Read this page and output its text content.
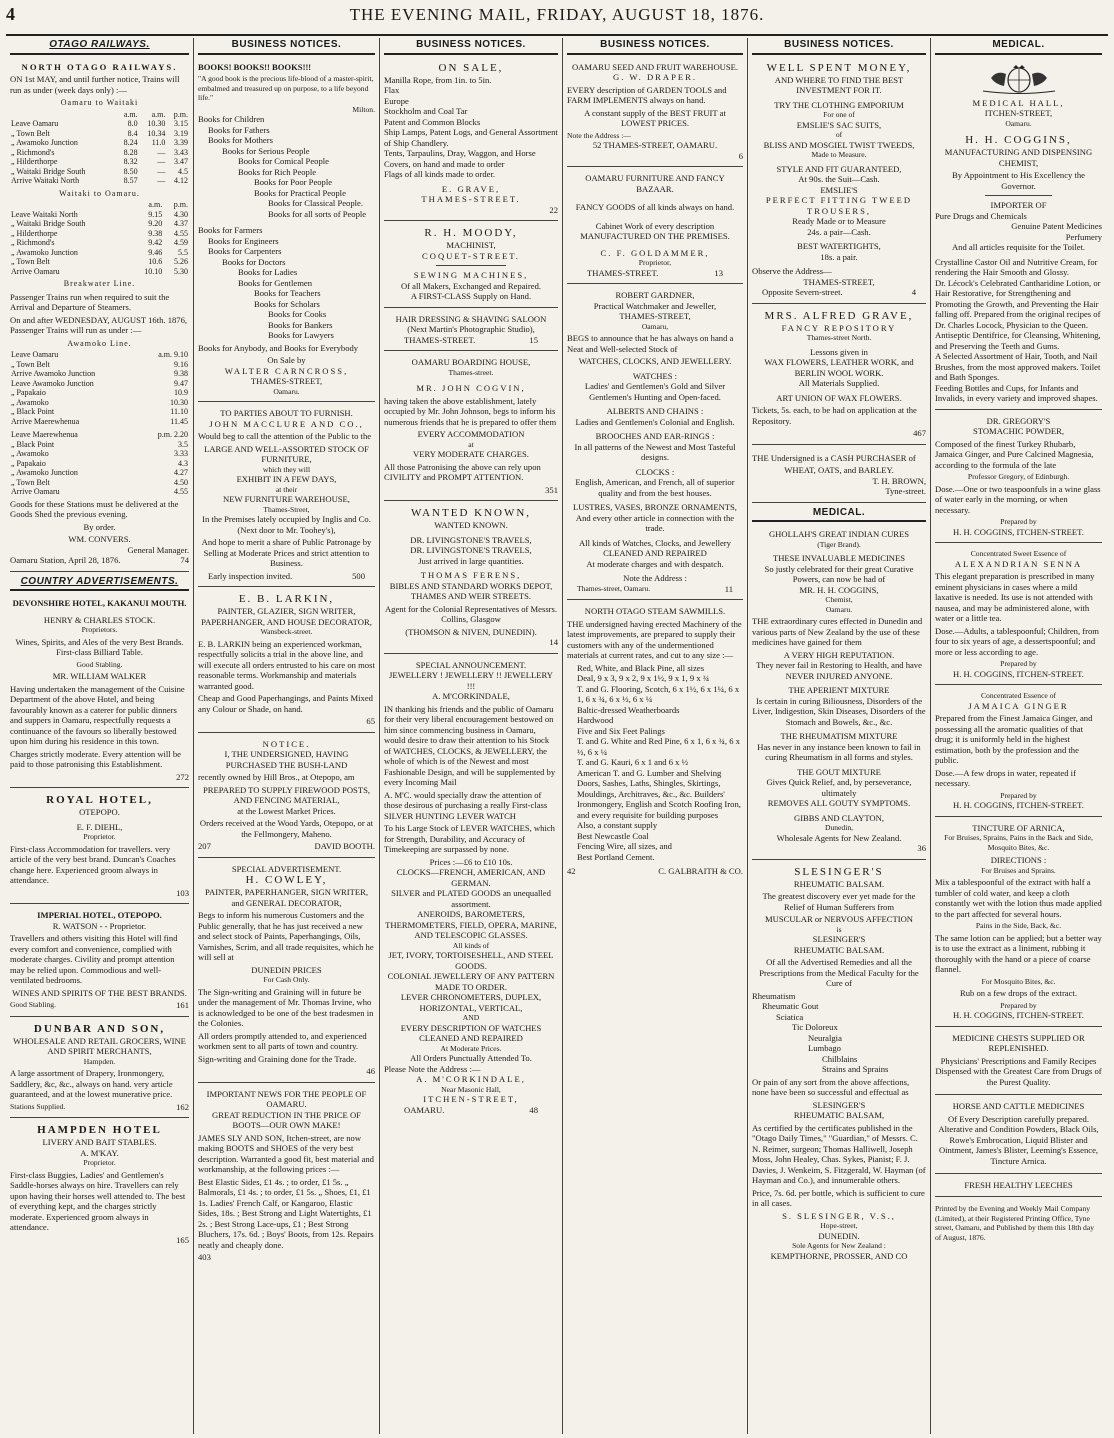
4	THE EVENING MAIL, FRIDAY, AUGUST 18, 1876.
OTAGO RAILWAYS.
NORTH OTAGO RAILWAYS.

ON 1st MAY, and until further notice, Trains will run as under (week days only) :—

Oamaru to Waitaki
	a.m.	a.m.	p.m.
Leave Oamaru	8.0	10.30	3.15
„ Town Belt	8.4	10.34	3.19
„ Awamoko Junction	8.24	11.0	3.39
„ Richmond's	8.28	—	3.43
„ Hilderthorpe	8.32	—	3.47
„ Waitaki Bridge South	8.50	—	4.5
Arrive Waitaki North	8.57	—	4.12
Waitaki to Oamaru.
	a.m.	p.m.
Leave Waitaki North	9.15	4.30
„ Waitaki Bridge South	9.20	4.37
„ Hilderthorpe	9.38	4.55
„ Richmond's	9.42	4.59
„ Awamoko Junction	9.46	5.5
„ Town Belt	10.6	5.26
Arrive Oamaru	10.10	5.30
Breakwater Line.

Passenger Trains run when required to suit the Arrival and Departure of Steamers.

On and after WEDNESDAY, AUGUST 16th. 1876, Passenger Trains will run as under :—

Awamoko Line.
Leave Oamaru	a.m. 9.10
„ Town Belt	9.16
Arrive Awamoko Junction	9.38
Leave Awamoko Junction	9.47
„ Papakaio	10.9
„ Awamoko	10.30
„ Black Point	11.10
Arrive Maerewhenua	11.45
Leave Maerewhenua	p.m. 2.20
„ Black Point	3.5
„ Awamoko	3.33
„ Papakaio	4.3
„ Awamoko Junction	4.27
„ Town Belt	4.50
Arrive Oamaru	4.55

Goods for these Stations must be delivered at the Goods Shed the previous evening.

By order.

WM. CONVERS.
General Manager.
Oamaru Station, April 28, 1876.	74
COUNTRY ADVERTISEMENTS.
DEVONSHIRE HOTEL, KAKANUI MOUTH.
HENRY & CHARLES STOCK.
Proprietors.

Wines, Spirits, and Ales of the very Best Brands. First-class Billiard Table.

Good Stabling.

MR. WILLIAM WALKER

Having undertaken the management of the Cuisine Department of the above Hotel, and being favourably known as a caterer for public dinners and suppers in Oamaru, respectfully requests a continuance of the favours so liberally bestowed upon him during his residence in this town.

Charges strictly moderate. Every attention will be paid to those patronising this Establishment.

272
ROYAL HOTEL,
OTEPOPO.
E. F. DIEHL,
Proprietor.

First-class Accommodation for travellers. very article of the very best brand. Duncan's Coaches change here. Experienced groom always in attendance.

103
IMPERIAL HOTEL, OTEPOPO.
R. WATSON - - Proprietor.

Travellers and others visiting this Hotel will find every comfort and convenience, complied with moderate charges. Civility and prompt attention may be relied upon. Commodious and well-ventilated bedrooms.

WINES AND SPIRITS OF THE BEST BRANDS.

Good Stabling.	161
DUNBAR AND SON,
WHOLESALE AND RETAIL GROCERS, WINE AND SPIRIT MERCHANTS,
Hampden.

A large assortment of Drapery, Ironmongery, Saddlery, &c, &c., always on hand. very article guaranteed, and at the lowest munerative price.

Stations Supplied.	162
HAMPDEN HOTEL
LIVERY AND BAIT STABLES.
A. M'KAY.
Proprietor.

First-class Buggies, Ladies' and Gentlemen's Saddle-horses always on hire. Travellers can rely upon having their horses well attended to. The best of everything kept, and the charges strictly moderate. Experienced groom always in attendance.

165
BUSINESS NOTICES.
BOOKS! BOOKS!! BOOKS!!!

"A good book is the precious life-blood of a master-spirit, embalmed and treasured up on purpose, to a life beyond life."

Milton.
Books for Children
Books for Fathers
Books for Mothers
Books for Serious People
Books for Comical People
Books for Rich People
Books for Poor People
Books for Practical People
Books for Classical People.
Books for all sorts of People
Books for Farmers
Books for Engineers
Books for Carpenters
Books for Doctors
Books for Ladies
Books for Gentlemen
Books for Teachers
Books for Scholars
Books for Cooks
Books for Bankers
Books for Lawyers

Books for Anybody, and Books for Everybody

On Sale by
WALTER CARNCROSS,
THAMES-STREET,
Oamaru.
TO PARTIES ABOUT TO FURNISH.
JOHN MACCLURE AND CO.,

Would beg to call the attention of the Public to the

LARGE AND WELL-ASSORTED STOCK OF FURNITURE,
which they will
EXHIBIT IN A FEW DAYS,
at their
NEW FURNITURE WAREHOUSE,
Thames-Street,
In the Premises lately occupied by Inglis and Co.
(Next door to Mr. Toohey's),

And hope to merit a share of Public Patronage by Selling at Moderate Prices and strict attention to Business.

Early inspection invited.	500
E. B. LARKIN,
PAINTER, GLAZIER, SIGN WRITER, PAPERHANGER, AND HOUSE DECORATOR,
Wansbeck-street.

E. B. LARKIN being an experienced workman, respectfully solicits a trial in the above line, and will execute all orders entrusted to his care on most reasonable terms. Workmanship and materials warranted good.

Cheap and Good Paperhangings, and Paints Mixed any Colour or Shade, on hand.

65
NOTICE.
I, THE UNDERSIGNED, HAVING PURCHASED THE BUSH-LAND

recently owned by Hill Bros., at Otepopo, am

PREPARED TO SUPPLY FIREWOOD POSTS, AND FENCING MATERIAL,
at the Lowest Market Prices.

Orders received at the Wood Yards, Otepopo, or at the Fellmongery, Maheno.

207	DAVID BOOTH.
SPECIAL ADVERTISEMENT.
H. COWLEY,
PAINTER, PAPERHANGER, SIGN WRITER, and GENERAL DECORATOR,

Begs to inform his numerous Customers and the Public generally, that he has just received a new and select stock of Paints, Paperhangings, Oils, Varnishes, Scrim, and all trade requisites, which he will sell at

DUNEDIN PRICES
For Cash Only.

The Sign-writing and Graining will in future be under the management of Mr. Thomas Irvine, who is acknowledged to be one of the best tradesmen in the Colonies.

All orders promptly attended to, and experienced workmen sent to all parts of town and country.

Sign-writing and Graining done for the Trade.

46
IMPORTANT NEWS FOR THE PEOPLE OF OAMARU.
GREAT REDUCTION IN THE PRICE OF BOOTS—OUR OWN MAKE!

JAMES SLY AND SON, Itchen-street, are now making BOOTS and SHOES of the very best description. Warranted a good fit, best material and workmanship, at the following prices :—

Best Elastic Sides, £1 4s. ; to order, £1 5s. „ Balmorals, £1 4s. ; to order, £1 5s. „ Shoes, £1, £1 1s. Ladies' French Calf, or Kangaroo, Elastic Sides, 18s. ; Best Strong and Light Watertights, £1 2s. ; Best Strong Lace-ups, £1 ; Best Strong Bluchers, 17s. 6d. ; Boys' Boots, from 12s. Repairs neatly and cheaply done.

403
BUSINESS NOTICES.
ON SALE,
Manilla Rope, from 1in. to 5in.
Flax
Europe
Stockholm and Coal Tar
Patent and Common Blocks
Ship Lamps, Patent Logs, and General Assortment of Ship Chandlery.
Tents, Tarpaulins, Dray, Waggon, and Horse Covers, on hand and made to order
Flags of all kinds made to order.
E. GRAVE,
THAMES-STREET.
22
R. H. MOODY,
MACHINIST,
COQUET-STREET.
SEWING MACHINES,
Of all Makers, Exchanged and Repaired.
A FIRST-CLASS Supply on Hand.
HAIR DRESSING & SHAVING SALOON
(Next Martin's Photographic Studio),
THAMES-STREET.	15
OAMARU BOARDING HOUSE,
Thames-street.
MR. JOHN COGVIN,

having taken the above establishment, lately occupied by Mr. John Johnson, begs to inform his numerous friends that he is prepared to offer them

EVERY ACCOMMODATION
at
VERY MODERATE CHARGES.

All those Patronising the above can rely upon CIVILITY and PROMPT ATTENTION.

351
WANTED KNOWN,
WANTED KNOWN.
DR. LIVINGSTONE'S TRAVELS,
DR. LIVINGSTONE'S TRAVELS,
Just arrived in large quantities.
THOMAS FERENS,
BIBLES AND STANDARD WORKS DEPOT,
THAMES AND WEIR STREETS.

Agent for the Colonial Representatives of Messrs. Collins, Glasgow

(THOMSON & NIVEN, DUNEDIN).
14
SPECIAL ANNOUNCEMENT.
JEWELLERY ! JEWELLERY !! JEWELLERY !!!
A. M'CORKINDALE,

IN thanking his friends and the public of Oamaru for their very liberal encouragement bestowed on him since commencing business in Oamaru, would desire to draw their attention to his Stock of WATCHES, CLOCKS, & JEWELLERY, the whole of which is of the Newest and most Fashionable Design, and will be supplemented by every Incoming Mail

A. M'C. would specially draw the attention of those desirous of purchasing a really First-class SILVER HUNTING LEVER WATCH

To his Large Stock of LEVER WATCHES, which for Strength, Durability, and Accuracy of Timekeeping are surpassed by none.

Prices :—£6 to £10 10s.
CLOCKS—FRENCH, AMERICAN, AND GERMAN.
SILVER and PLATED GOODS an unequalled assortment.
ANEROIDS, BAROMETERS, THERMOMETERS, FIELD, OPERA, MARINE, AND TELESCOPIC GLASSES.
All kinds of
JET, IVORY, TORTOISESHELL, AND STEEL GOODS.
COLONIAL JEWELLERY OF ANY PATTERN MADE TO ORDER.
LEVER CHRONOMETERS, DUPLEX, HORIZONTAL, VERTICAL,
AND
EVERY DESCRIPTION OF WATCHES CLEANED AND REPAIRED
At Moderate Prices.
All Orders Punctually Attended To.
Please Note the Address :—
A. M'CORKINDALE,
Near Masonic Hall,
ITCHEN-STREET,
OAMARU.	48
BUSINESS NOTICES.
OAMARU SEED AND FRUIT WAREHOUSE.
G. W. DRAPER.

EVERY description of GARDEN TOOLS and FARM IMPLEMENTS always on hand.

A constant supply of the BEST FRUIT at LOWEST PRICES.

Note the Address :—
52 THAMES-STREET, OAMARU.
6
OAMARU FURNITURE AND FANCY BAZAAR.

FANCY GOODS of all kinds always on hand.

Cabinet Work of every description
MANUFACTURED ON THE PREMISES.
C. F. GOLDAMMER,
Proprietor,
THAMES-STREET.	13
ROBERT GARDNER,
Practical Watchmaker and Jeweller,
THAMES-STREET,
Oamaru,

BEGS to announce that he has always on hand a Neat and Well-selected Stock of

WATCHES, CLOCKS, AND JEWELLERY.
WATCHES :
Ladies' and Gentlemen's Gold and Silver Gentlemen's Hunting and Open-faced.
ALBERTS AND CHAINS :
Ladies and Gentlemen's Colonial and English.
BROOCHES AND EAR-RINGS :
In all patterns of the Newest and Most Tasteful designs.
CLOCKS :
English, American, and French, all of superior quality and from the best houses.
LUSTRES, VASES, BRONZE ORNAMENTS,
And every other article in connection with the trade.
All kinds of Watches, Clocks, and Jewellery CLEANED AND REPAIRED
At moderate charges and with despatch.
Note the Address :
Thames-street, Oamaru.	11
NORTH OTAGO STEAM SAWMILLS.

THE undersigned having erected Machinery of the latest improvements, are prepared to supply their customers with any of the undermentioned materials at current rates, and cut to any size :—

Red, White, and Black Pine, all sizes
Deal, 9 x 3, 9 x 2, 9 x 1½, 9 x 1, 9 x ¾
T. and G. Flooring, Scotch, 6 x 1½, 6 x 1¼, 6 x 1, 6 x ¾, 6 x ½, 6 x ¼
Baltic-dressed Weatherboards
Hardwood
Five and Six Feet Palings
T. and G. White and Red Pine, 6 x 1, 6 x ¾, 6 x ½, 6 x ¼
T. and G. Kauri, 6 x 1 and 6 x ½
American T. and G. Lumber and Shelving
Doors, Sashes, Laths, Shingles, Skirtings, Mouldings, Architraves, &c., &c. Builders' Ironmongery, English and Scotch Roofing Iron, and every requisite for building purposes
Also, a constant supply
Best Newcastle Coal
Fencing Wire, all sizes, and
Best Portland Cement.
42	C. GALBRAITH & CO.
BUSINESS NOTICES.
WELL SPENT MONEY,
AND WHERE TO FIND THE BEST INVESTMENT FOR IT.
TRY THE CLOTHING EMPORIUM
For one of
EMSLIE'S SAC SUITS,
of
BLISS AND MOSGIEL TWIST TWEEDS,
Made to Measure.
STYLE AND FIT GUARANTEED,
At 90s. the Suit—Cash.
EMSLIE'S
PERFECT FITTING TWEED TROUSERS,
Ready Made or to Measure
24s. a pair—Cash.
BEST WATERTIGHTS,
18s. a pair.
Observe the Address—
THAMES-STREET,
Opposite Severn-street.	4
MRS. ALFRED GRAVE,
FANCY REPOSITORY
Thames-street North.
Lessons given in
WAX FLOWERS, LEATHER WORK, and BERLIN WOOL WORK.
All Materials Supplied.
ART UNION OF WAX FLOWERS.

Tickets, 5s. each, to be had on application at the Repository.

467

THE Undersigned is a CASH PURCHASER of

WHEAT, OATS, and BARLEY.
T. H. BROWN,
Tyne-street.
MEDICAL.
GHOLLAH'S GREAT INDIAN CURES
(Tiger Brand).
THESE INVALUABLE MEDICINES
So justly celebrated for their great Curative Powers, can now be had of
MR. H. H. COGGINS,
Chemist,
Oamaru.

THE extraordinary cures effected in Dunedin and various parts of New Zealand by the use of these medicines have gained for them

A VERY HIGH REPUTATION.
They never fail in Restoring to Health, and have
NEVER INJURED ANYONE.
THE APERIENT MIXTURE
Is certain in curing Biliousness, Disorders of the Liver, Indigestion, Skin Diseases, Disorders of the Stomach and Bowels, &c., &c.
THE RHEUMATISM MIXTURE
Has never in any instance been known to fail in curing Rheumatism in all forms and styles.
THE GOUT MIXTURE
Gives Quick Relief, and, by perseverance, ultimately
REMOVES ALL GOUTY SYMPTOMS.
GIBBS AND CLAYTON,
Dunedin,
Wholesale Agents for New Zealand.
36
SLESINGER'S
RHEUMATIC BALSAM.

The greatest discovery ever yet made for the Relief of Human Sufferers from

MUSCULAR or NERVOUS AFFECTION
is
SLESINGER'S
RHEUMATIC BALSAM.

Of all the Advertised Remedies and all the Prescriptions from the Medical Faculty for the Cure of

Rheumatism
Rheumatic Gout
Sciatica
Tic Doloreux
Neuralgia
Lumbago
Chilblains
Strains and Sprains

Or pain of any sort from the above affections, none have been so successful and effectual as

SLESINGER'S
RHEUMATIC BALSAM,

As certified by the certificates published in the "Otago Daily Times," "Guardian," of Messrs. C. N. Reimer, surgeon; Thomas Halliwell, Joseph Moss, John Healey, Chas. Sykes, Pianist; F. J. Davies, J. Wenkeim, S. Fitzgerald, W. Hayman (of Hayman and Co.), and innumerable others.

Price, 7s. 6d. per bottle, which is sufficient to cure in all cases.

S. SLESINGER, V.S.,
Hope-street,
DUNEDIN.
Sole Agents for New Zealand :
KEMPTHORNE, PROSSER, AND CO
MEDICAL.
MEDICAL HALL,
ITCHEN-STREET,
Oamaru.
H. H. COGGINS,
MANUFACTURING AND DISPENSING CHEMIST,

By Appointment to His Excellency the Governor.

IMPORTER OF
Pure Drugs and Chemicals
Genuine Patent Medicines
Perfumery
And all articles requisite for the Toilet.
Crystalline Castor Oil and Nutritive Cream, for rendering the Hair Smooth and Glossy.
Dr. Lécock's Celebrated Cantharidine Lotion, or Hair Restorative, for Strengthening and Promoting the Growth, and Preventing the Hair falling off. Prepared from the original recipes of Dr. Charles Locock, Physician to the Queen.
Antiseptic Dentifrice, for Cleansing, Whitening, and Preserving the Teeth and Gums.
A Selected Assortment of Hair, Tooth, and Nail Brushes, from the most approved makers. Toilet and Bath Sponges.
Feeding Bottles and Cups, for Infants and Invalids, in every variety and improved shapes.
DR. GREGORY'S
STOMACHIC POWDER,

Composed of the finest Turkey Rhubarb, Jamaica Ginger, and Pure Calcined Magnesia, according to the formula of the late

Professor Gregory, of Edinburgh.

Dose.—One or two teaspoonfuls in a wine glass of water early in the morning, or when necessary.

Prepared by
H. H. COGGINS, ITCHEN-STREET.
Concentrated Sweet Essence of
ALEXANDRIAN SENNA

This elegant preparation is prescribed in many eminent physicians in cases where a mild laxative is needed. Its use is not attended with nausea, and may be administered alone, with water or a little tea.

Dose.—Adults, a tablespoonful; Children, from four to six years of age, a dessertspoonful; and more or less according to age.

Prepared by
H. H. COGGINS, ITCHEN-STREET.
Concentrated Essence of
JAMAICA GINGER

Prepared from the Finest Jamaica Ginger, and possessing all the aromatic qualities of that drug; it is uniformly held in the highest estimation, both by the profession and the public.

Dose.—A few drops in water, repeated if necessary.

Prepared by
H. H. COGGINS, ITCHEN-STREET.
TINCTURE OF ARNICA,
For Bruises, Sprains, Pains in the Back and Side, Mosquito Bites, &c.
DIRECTIONS :
For Bruises and Sprains.

Mix a tablespoonful of the extract with half a tumbler of cold water, and keep a cloth constantly wet with the lotion thus made applied to the part affected for several hours.

Pains in the Side, Back, &c.

The same lotion can be applied; but a better way is to use the extract as a liniment, rubbing it thoroughly with the hand or a piece of coarse flannel.

For Mosquito Bites, &c.

Rub on a few drops of the extract.

Prepared by
H. H. COGGINS, ITCHEN-STREET.
MEDICINE CHESTS SUPPLIED OR REPLENISHED.

Physicians' Prescriptions and Family Recipes Dispensed with the Greatest Care from Drugs of the Purest Quality.

HORSE AND CATTLE MEDICINES

Of Every Description carefully prepared. Alterative and Condition Powders, Black Oils, Rowe's Embrocation, Liquid Blister and Ointment, James's Blister, Leeming's Essence, Tincture Arnica.

FRESH HEALTHY LEECHES

Printed by the Evening and Weekly Mail Company (Limited), at their Registered Printing Office, Tyne street, Oamaru, and Published by them this 18th day of August, 1876.
